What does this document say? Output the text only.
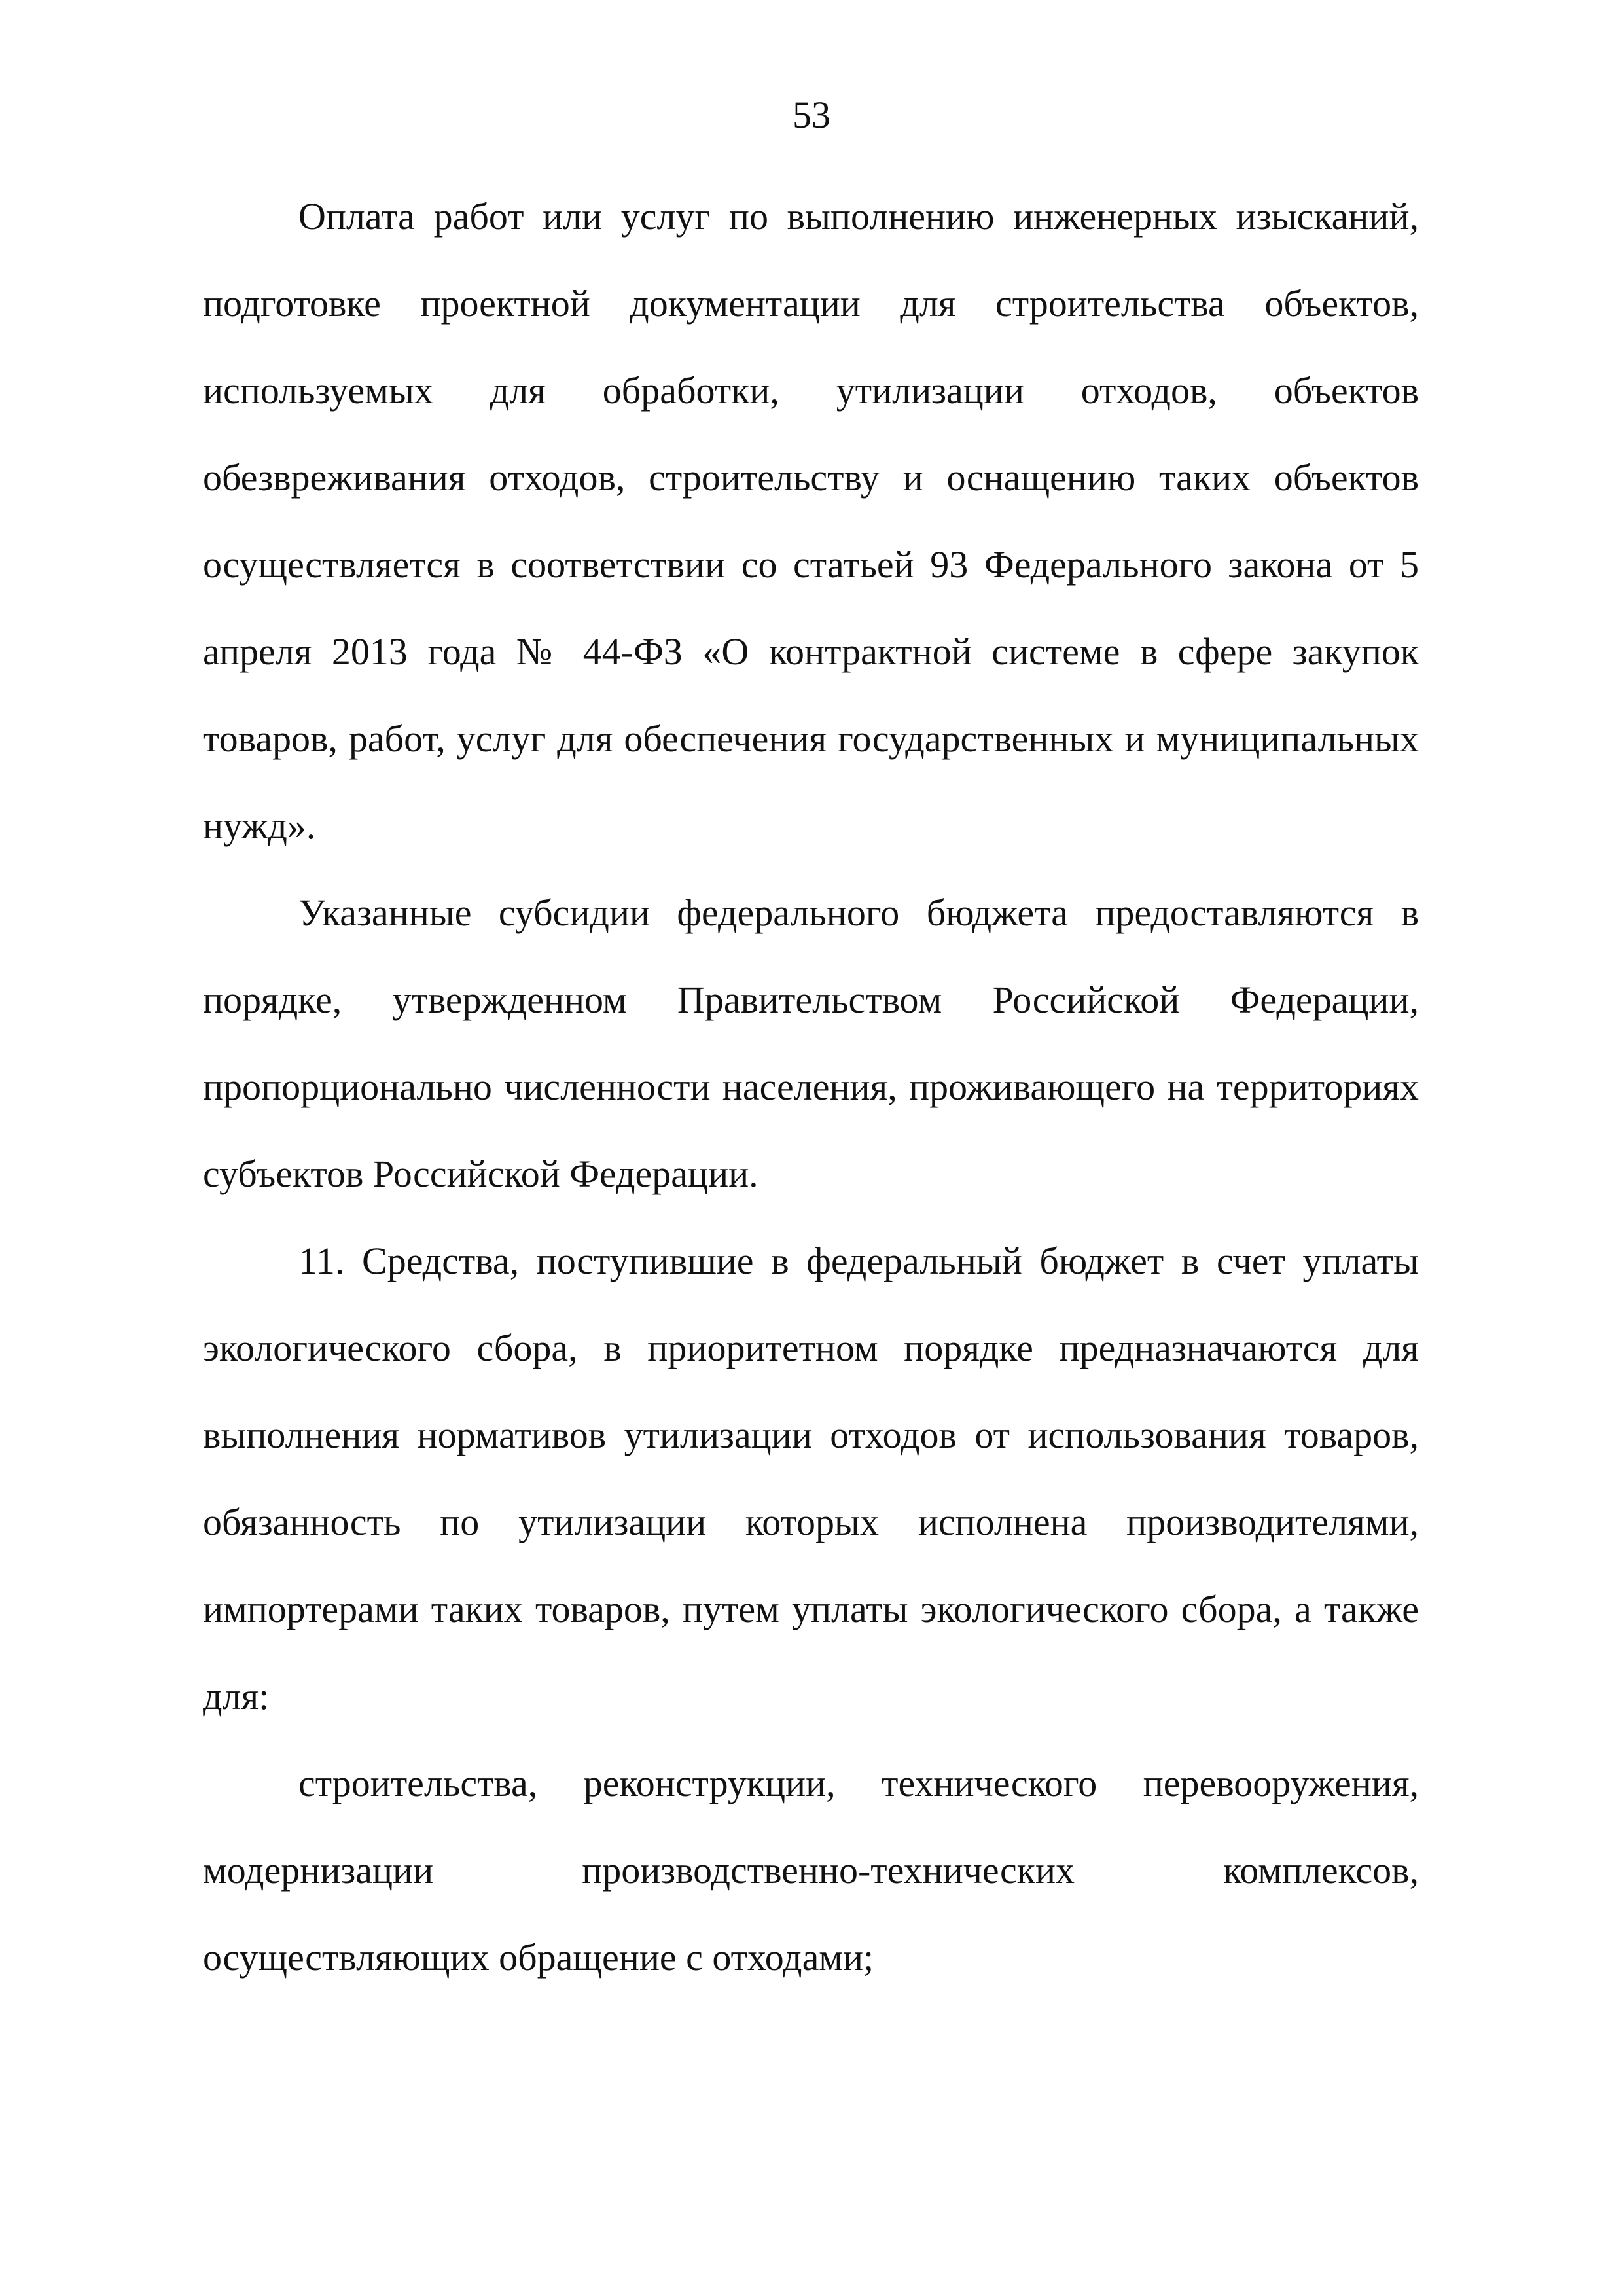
53
Оплата работ или услуг по выполнению инженерных изысканий,
подготовке проектной документации для строительства объектов,
используемых для обработки, утилизации отходов, объектов
обезвреживания отходов, строительству и оснащению таких объектов
осуществляется в соответствии со статьей 93 Федерального закона от 5
апреля 2013 года № 44-ФЗ «О контрактной системе в сфере закупок
товаров, работ, услуг для обеспечения государственных и муниципальных
нужд».
Указанные субсидии федерального бюджета предоставляются в
порядке, утвержденном Правительством Российской Федерации,
пропорционально численности населения, проживающего на территориях
субъектов Российской Федерации.
11. Средства, поступившие в федеральный бюджет в счет уплаты
экологического сбора, в приоритетном порядке предназначаются для
выполнения нормативов утилизации отходов от использования товаров,
обязанность по утилизации которых исполнена производителями,
импортерами таких товаров, путем уплаты экологического сбора, а также
для:
строительства, реконструкции, технического перевооружения,
модернизации производственно-технических комплексов,
осуществляющих обращение с отходами;
